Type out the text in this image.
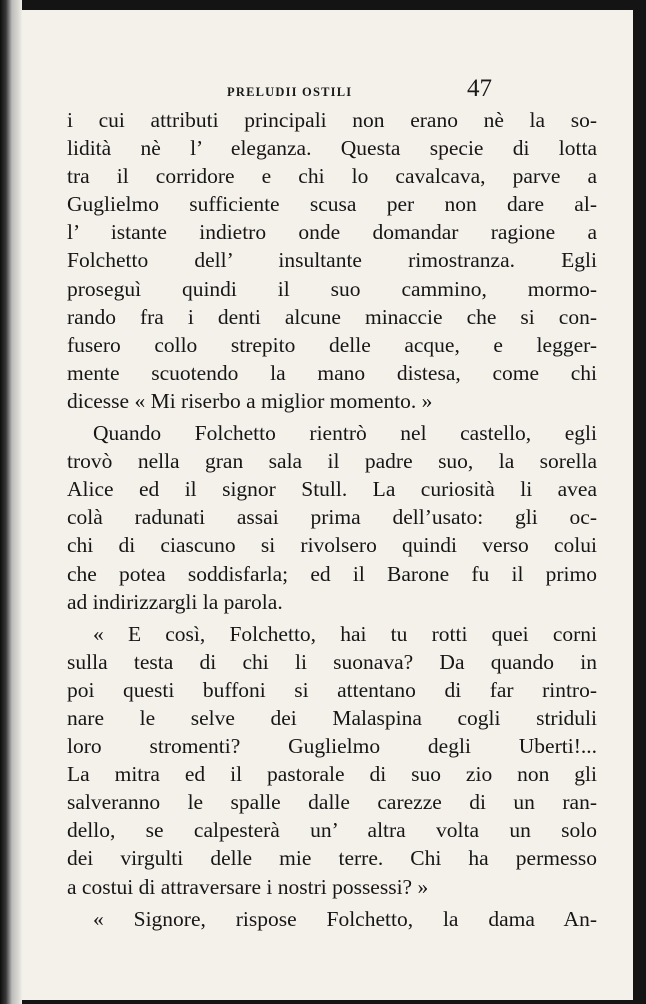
PRELUDII OSTILI	47
i cui attributi principali non erano nè la so-
lidità nè l’ eleganza. Questa specie di lotta
tra il corridore e chi lo cavalcava, parve a
Guglielmo sufficiente scusa per non dare al-
l’ istante indietro onde domandar ragione a
Folchetto dell’ insultante rimostranza. Egli
proseguì quindi il suo cammino, mormo-
rando fra i denti alcune minaccie che si con-
fusero collo strepito delle acque, e legger-
mente scuotendo la mano distesa, come chi
dicesse « Mi riserbo a miglior momento. »
Quando Folchetto rientrò nel castello, egli
trovò nella gran sala il padre suo, la sorella
Alice ed il signor Stull. La curiosità li avea
colà radunati assai prima dell’usato: gli oc-
chi di ciascuno si rivolsero quindi verso colui
che potea soddisfarla; ed il Barone fu il primo
ad indirizzargli la parola.
« E così, Folchetto, hai tu rotti quei corni
sulla testa di chi li suonava? Da quando in
poi questi buffoni si attentano di far rintro-
nare le selve dei Malaspina cogli striduli
loro stromenti? Guglielmo degli Uberti!...
La mitra ed il pastorale di suo zio non gli
salveranno le spalle dalle carezze di un ran-
dello, se calpesterà un’ altra volta un solo
dei virgulti delle mie terre. Chi ha permesso
a costui di attraversare i nostri possessi? »
« Signore, rispose Folchetto, la dama An-
